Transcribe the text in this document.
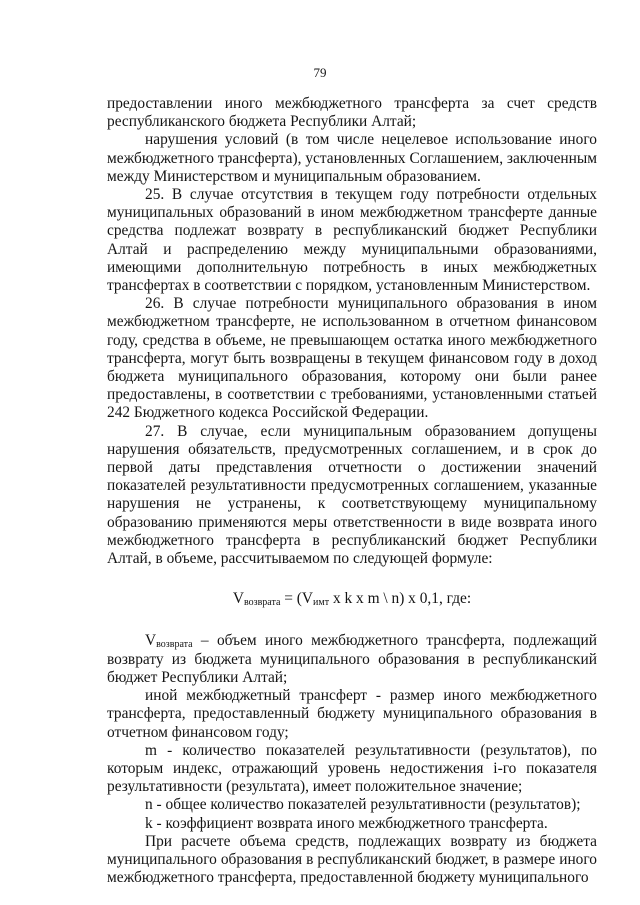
79

предоставлении иного межбюджетного трансферта за счет средств республиканского бюджета Республики Алтай;

нарушения условий (в том числе нецелевое использование иного межбюджетного трансферта), установленных Соглашением, заключенным между Министерством и муниципальным образованием.

25. В случае отсутствия в текущем году потребности отдельных муниципальных образований в ином межбюджетном трансферте данные средства подлежат возврату в республиканский бюджет Республики Алтай и распределению между муниципальными образованиями, имеющими дополнительную потребность в иных межбюджетных трансфертах в соответствии с порядком, установленным Министерством.

26. В случае потребности муниципального образования в ином межбюджетном трансферте, не использованном в отчетном финансовом году, средства в объеме, не превышающем остатка иного межбюджетного трансферта, могут быть возвращены в текущем финансовом году в доход бюджета муниципального образования, которому они были ранее предоставлены, в соответствии с требованиями, установленными статьей 242 Бюджетного кодекса Российской Федерации.

27. В случае, если муниципальным образованием допущены нарушения обязательств, предусмотренных соглашением, и в срок до первой даты представления отчетности о достижении значений показателей результативности предусмотренных соглашением, указанные нарушения не устранены, к соответствующему муниципальному образованию применяются меры ответственности в виде возврата иного межбюджетного трансферта в республиканский бюджет Республики Алтай, в объеме, рассчитываемом по следующей формуле:

$V_{возврата} = (V_{имт}$ x k x m \ n) x 0,1, где:

$V_{возврата}$ – объем иного межбюджетного трансферта, подлежащий возврату из бюджета муниципального образования в республиканский бюджет Республики Алтай;

иной межбюджетный трансферт - размер иного межбюджетного трансферта, предоставленный бюджету муниципального образования в отчетном финансовом году;

m - количество показателей результативности (результатов), по которым индекс, отражающий уровень недостижения i-го показателя результативности (результата), имеет положительное значение;

n - общее количество показателей результативности (результатов);

k - коэффициент возврата иного межбюджетного трансферта.

При расчете объема средств, подлежащих возврату из бюджета муниципального образования в республиканский бюджет, в размере иного межбюджетного трансферта, предоставленной бюджету муниципального
